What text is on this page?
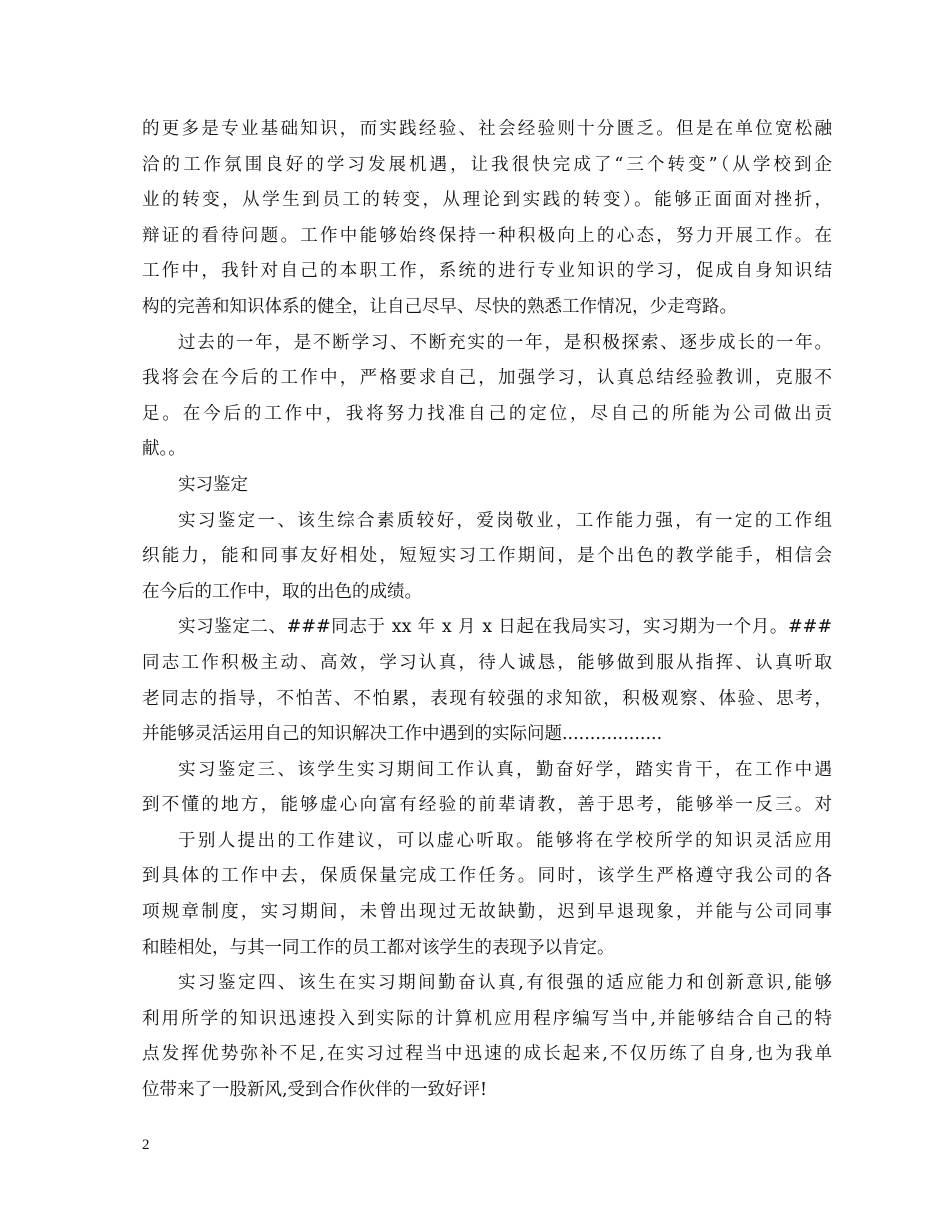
的更多是专业基础知识，而实践经验、社会经验则十分匮乏。但是在单位宽松融
洽的工作氛围良好的学习发展机遇，让我很快完成了“三个转变”（从学校到企
业的转变，从学生到员工的转变，从理论到实践的转变）。能够正面面对挫折，
辩证的看待问题。工作中能够始终保持一种积极向上的心态，努力开展工作。在
工作中，我针对自己的本职工作，系统的进行专业知识的学习，促成自身知识结
构的完善和知识体系的健全，让自己尽早、尽快的熟悉工作情况，少走弯路。
过去的一年，是不断学习、不断充实的一年，是积极探索、逐步成长的一年。
我将会在今后的工作中，严格要求自己，加强学习，认真总结经验教训，克服不
足。在今后的工作中，我将努力找准自己的定位，尽自己的所能为公司做出贡
献。。
实习鉴定
实习鉴定一、该生综合素质较好，爱岗敬业，工作能力强，有一定的工作组
织能力，能和同事友好相处，短短实习工作期间，是个出色的教学能手，相信会
在今后的工作中，取的出色的成绩。
实习鉴定二、###同志于 xx 年 x 月 x 日起在我局实习，实习期为一个月。###
同志工作积极主动、高效，学习认真，待人诚恳，能够做到服从指挥、认真听取
老同志的指导，不怕苦、不怕累，表现有较强的求知欲，积极观察、体验、思考，
并能够灵活运用自己的知识解决工作中遇到的实际问题..................
实习鉴定三、该学生实习期间工作认真，勤奋好学，踏实肯干，在工作中遇
到不懂的地方，能够虚心向富有经验的前辈请教，善于思考，能够举一反三。对
于别人提出的工作建议，可以虚心听取。能够将在学校所学的知识灵活应用
到具体的工作中去，保质保量完成工作任务。同时，该学生严格遵守我公司的各
项规章制度，实习期间，未曾出现过无故缺勤，迟到早退现象，并能与公司同事
和睦相处，与其一同工作的员工都对该学生的表现予以肯定。
实习鉴定四、该生在实习期间勤奋认真,有很强的适应能力和创新意识,能够
利用所学的知识迅速投入到实际的计算机应用程序编写当中,并能够结合自己的特
点发挥优势弥补不足,在实习过程当中迅速的成长起来,不仅历练了自身,也为我单
位带来了一股新风,受到合作伙伴的一致好评!
2
